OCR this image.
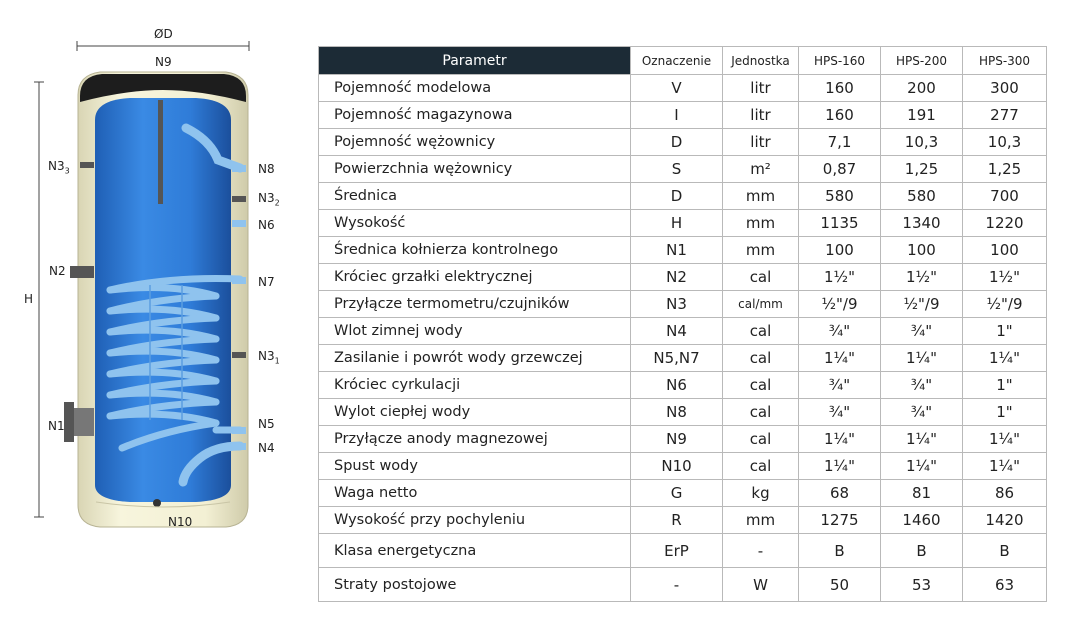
ØD
N9
H
N8
$N3_3$
$N3_2$
N6
N2
N7
$N3_1$
N1	N5
N4
N10
Parametr	Oznaczenie	Jednostka	HPS-160	HPS-200	HPS-300
Pojemność modelowa	V	litr	160	200	300
Pojemność magazynowa	I	litr	160	191	277
Pojemność wężownicy	D	litr	7,1	10,3	10,3
Powierzchnia wężownicy	S	m²	0,87	1,25	1,25
Średnica	D	mm	580	580	700
Wysokość	H	mm	1135	1340	1220
Średnica kołnierza kontrolnego	N1	mm	100	100	100
Króciec grzałki elektrycznej	N2	cal	1½"	1½"	1½"
Przyłącze termometru/czujników	N3	cal/mm	½"/9	½"/9	½"/9
Wlot zimnej wody	N4	cal	¾"	¾"	1"
Zasilanie i powrót wody grzewczej	N5,N7	cal	1¼"	1¼"	1¼"
Króciec cyrkulacji	N6	cal	¾"	¾"	1"
Wylot ciepłej wody	N8	cal	¾"	¾"	1"
Przyłącze anody magnezowej	N9	cal	1¼"	1¼"	1¼"
Spust wody	N10	cal	1¼"	1¼"	1¼"
Waga netto	G	kg	68	81	86
Wysokość przy pochyleniu	R	mm	1275	1460	1420
Klasa energetyczna	ErP	-	B	B	B
Straty postojowe	-	W	50	53	63
